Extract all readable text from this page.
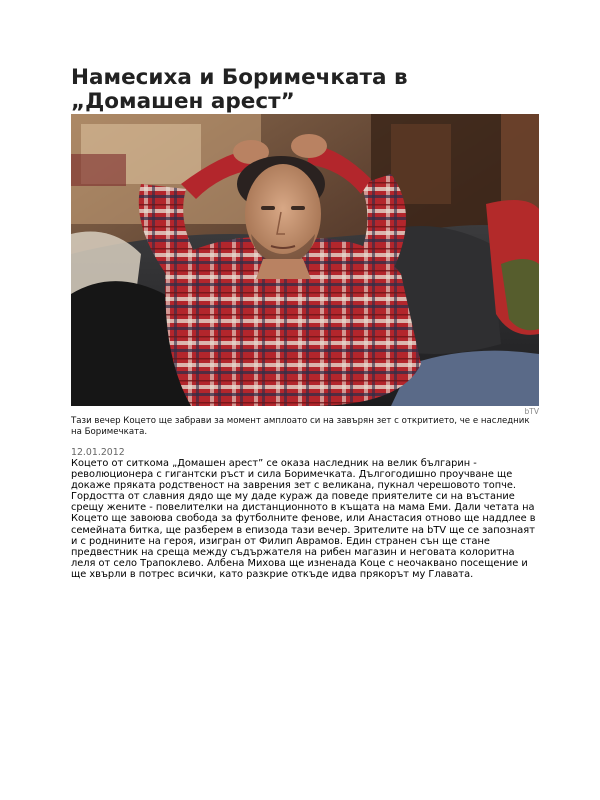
Намесиха и Боримечката в „Домашен арест”
bTV
Тази вечер Коцето ще забрави за момент амплоато си на завърян зет с откритието, че е наследник на Боримечката.
12.01.2012
Коцето от ситкома „Домашен арест” се оказа наследник на велик българин - революционера с гигантски ръст и сила Боримечката. Дългогодишно проучване ще докаже пряката родственост на заврения зет с великана, пукнал черешовото топче. Гордостта от славния дядо ще му даде кураж да поведе приятелите си на въстание срещу жените - повелителки на дистанционното в къщата на мама Еми. Дали четата на Коцето ще завоюва свобода за футболните фенове, или Анастасия отново ще наддлее в семейната битка, ще разберем в епизода тази вечер. Зрителите на bTV ще се запознаят и с роднините на героя, изигран от Филип Аврамов. Един странен сън ще стане предвестник на среща между съдържателя на рибен магазин и неговата колоритна леля от село Трапоклево. Албена Михова ще изненада Коце с неочаквано посещение и ще хвърли в потрес всички, като разкрие откъде идва прякорът му Главата.
